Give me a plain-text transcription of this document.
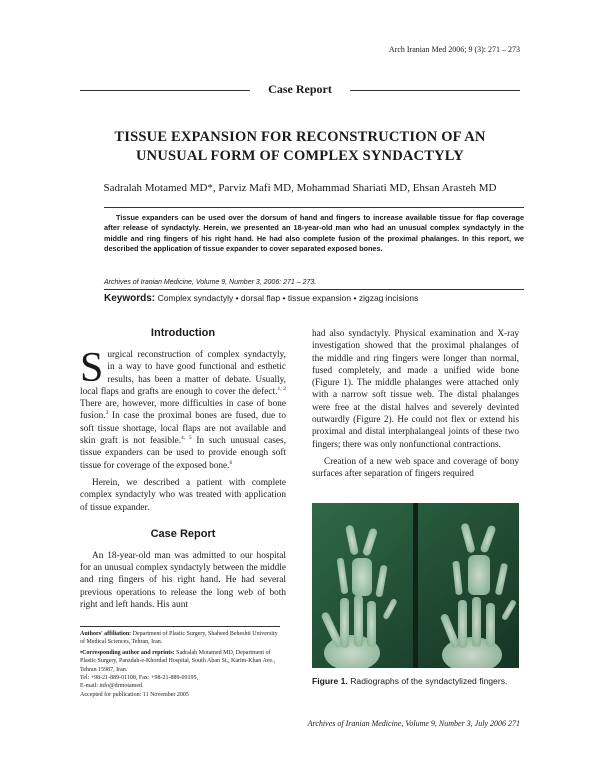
Arch Iranian Med 2006; 9 (3): 271 – 273
Case Report
TISSUE EXPANSION FOR RECONSTRUCTION OF AN UNUSUAL FORM OF COMPLEX SYNDACTYLY
Sadralah Motamed MD*, Parviz Mafi MD, Mohammad Shariati MD, Ehsan Arasteh MD
Tissue expanders can be used over the dorsum of hand and fingers to increase available tissue for flap coverage after release of syndactyly. Herein, we presented an 18-year-old man who had an unusual complex syndactyly in the middle and ring fingers of his right hand. He had also complete fusion of the proximal phalanges. In this report, we described the application of tissue expander to cover separated exposed bones.
Archives of Iranian Medicine, Volume 9, Number 3, 2006: 271 – 273.
Keywords: Complex syndactyly • dorsal flap • tissue expansion • zigzag incisions
Introduction

Surgical reconstruction of complex syndactyly, in a way to have good functional and esthetic results, has been a matter of debate. Usually, local flaps and grafts are enough to cover the defect.$^{1, 2}$ There are, however, more difficulties in case of bone fusion.$^3$ In case the proximal bones are fused, due to soft tissue shortage, local flaps are not available and skin graft is not feasible.$^{4, 5}$ In such unusual cases, tissue expanders can be used to provide enough soft tissue for coverage of the exposed bone.$^6$

Herein, we described a patient with complete complex syndactyly who was treated with application of tissue expander.

Case Report

An 18-year-old man was admitted to our hospital for an unusual complex syndactyly between the middle and ring fingers of his right hand. He had several previous operations to release the long web of both right and left hands. His aunt

had also syndactyly. Physical examination and X-ray investigation showed that the proximal phalanges of the middle and ring fingers were longer than normal, fused completely, and made a unified wide bone (Figure 1). The middle phalanges were attached only with a narrow soft tissue web. The distal phalanges were free at the distal halves and severely devinted outwardly (Figure 2). He could not flex or extend his proximal and distal interphalangeal joints of these two fingers; there was only nonfunctional contractions.

Creation of a new web space and coverage of bony surfaces after separation of fingers required

Figure 1. Radiographs of the syndactylized fingers.
Authors' affiliation: Department of Plastic Surgery, Shaheed Beheshti University of Medical Sciences, Tehran, Iran.
•Corresponding author and reprints: Sadralah Motamed MD, Department of Plastic Surgery, Panzdah-e-Khordad Hospital, South Aban St., Karim-Khan Ave., Tehran 15987, Iran.
Tel: +98-21-889-01108, Fax: +98-21-889-09195,
E-mail: info@drmotamed.
Accepted for publication: 11 November 2005
Archives of Iranian Medicine, Volume 9, Number 3, July 2006 271
